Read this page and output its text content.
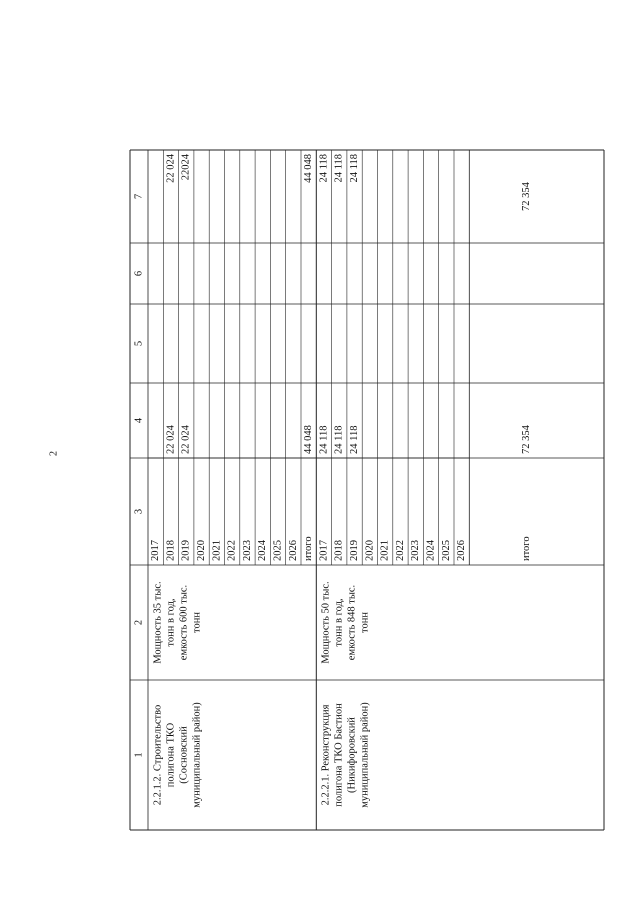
2
7
6
5
4
3
2
1
2017 2018
22 024
22 024
2019
22 024
22024
2020 2021 2022 2023 2024 2025 2026 итого
44 048
44 048
2.2.1.2. Строительство полигона ТКО (Сосновский муниципальный район)
Мощность 35 тыс. тонн в год, емкость 600 тыс. тонн
2017
24 118
24 118
2018
24 118
24 118
2019
24 118
24 118
2020 2021 2022 2023 2024 2025 2026
2.2.2.1. Реконструкция полигона ТКО Бастион (Никифоровский муниципальный район)
Мощность 50 тыс. тонн в год, емкость 848 тыс. тонн
итого
72 354
72 354
